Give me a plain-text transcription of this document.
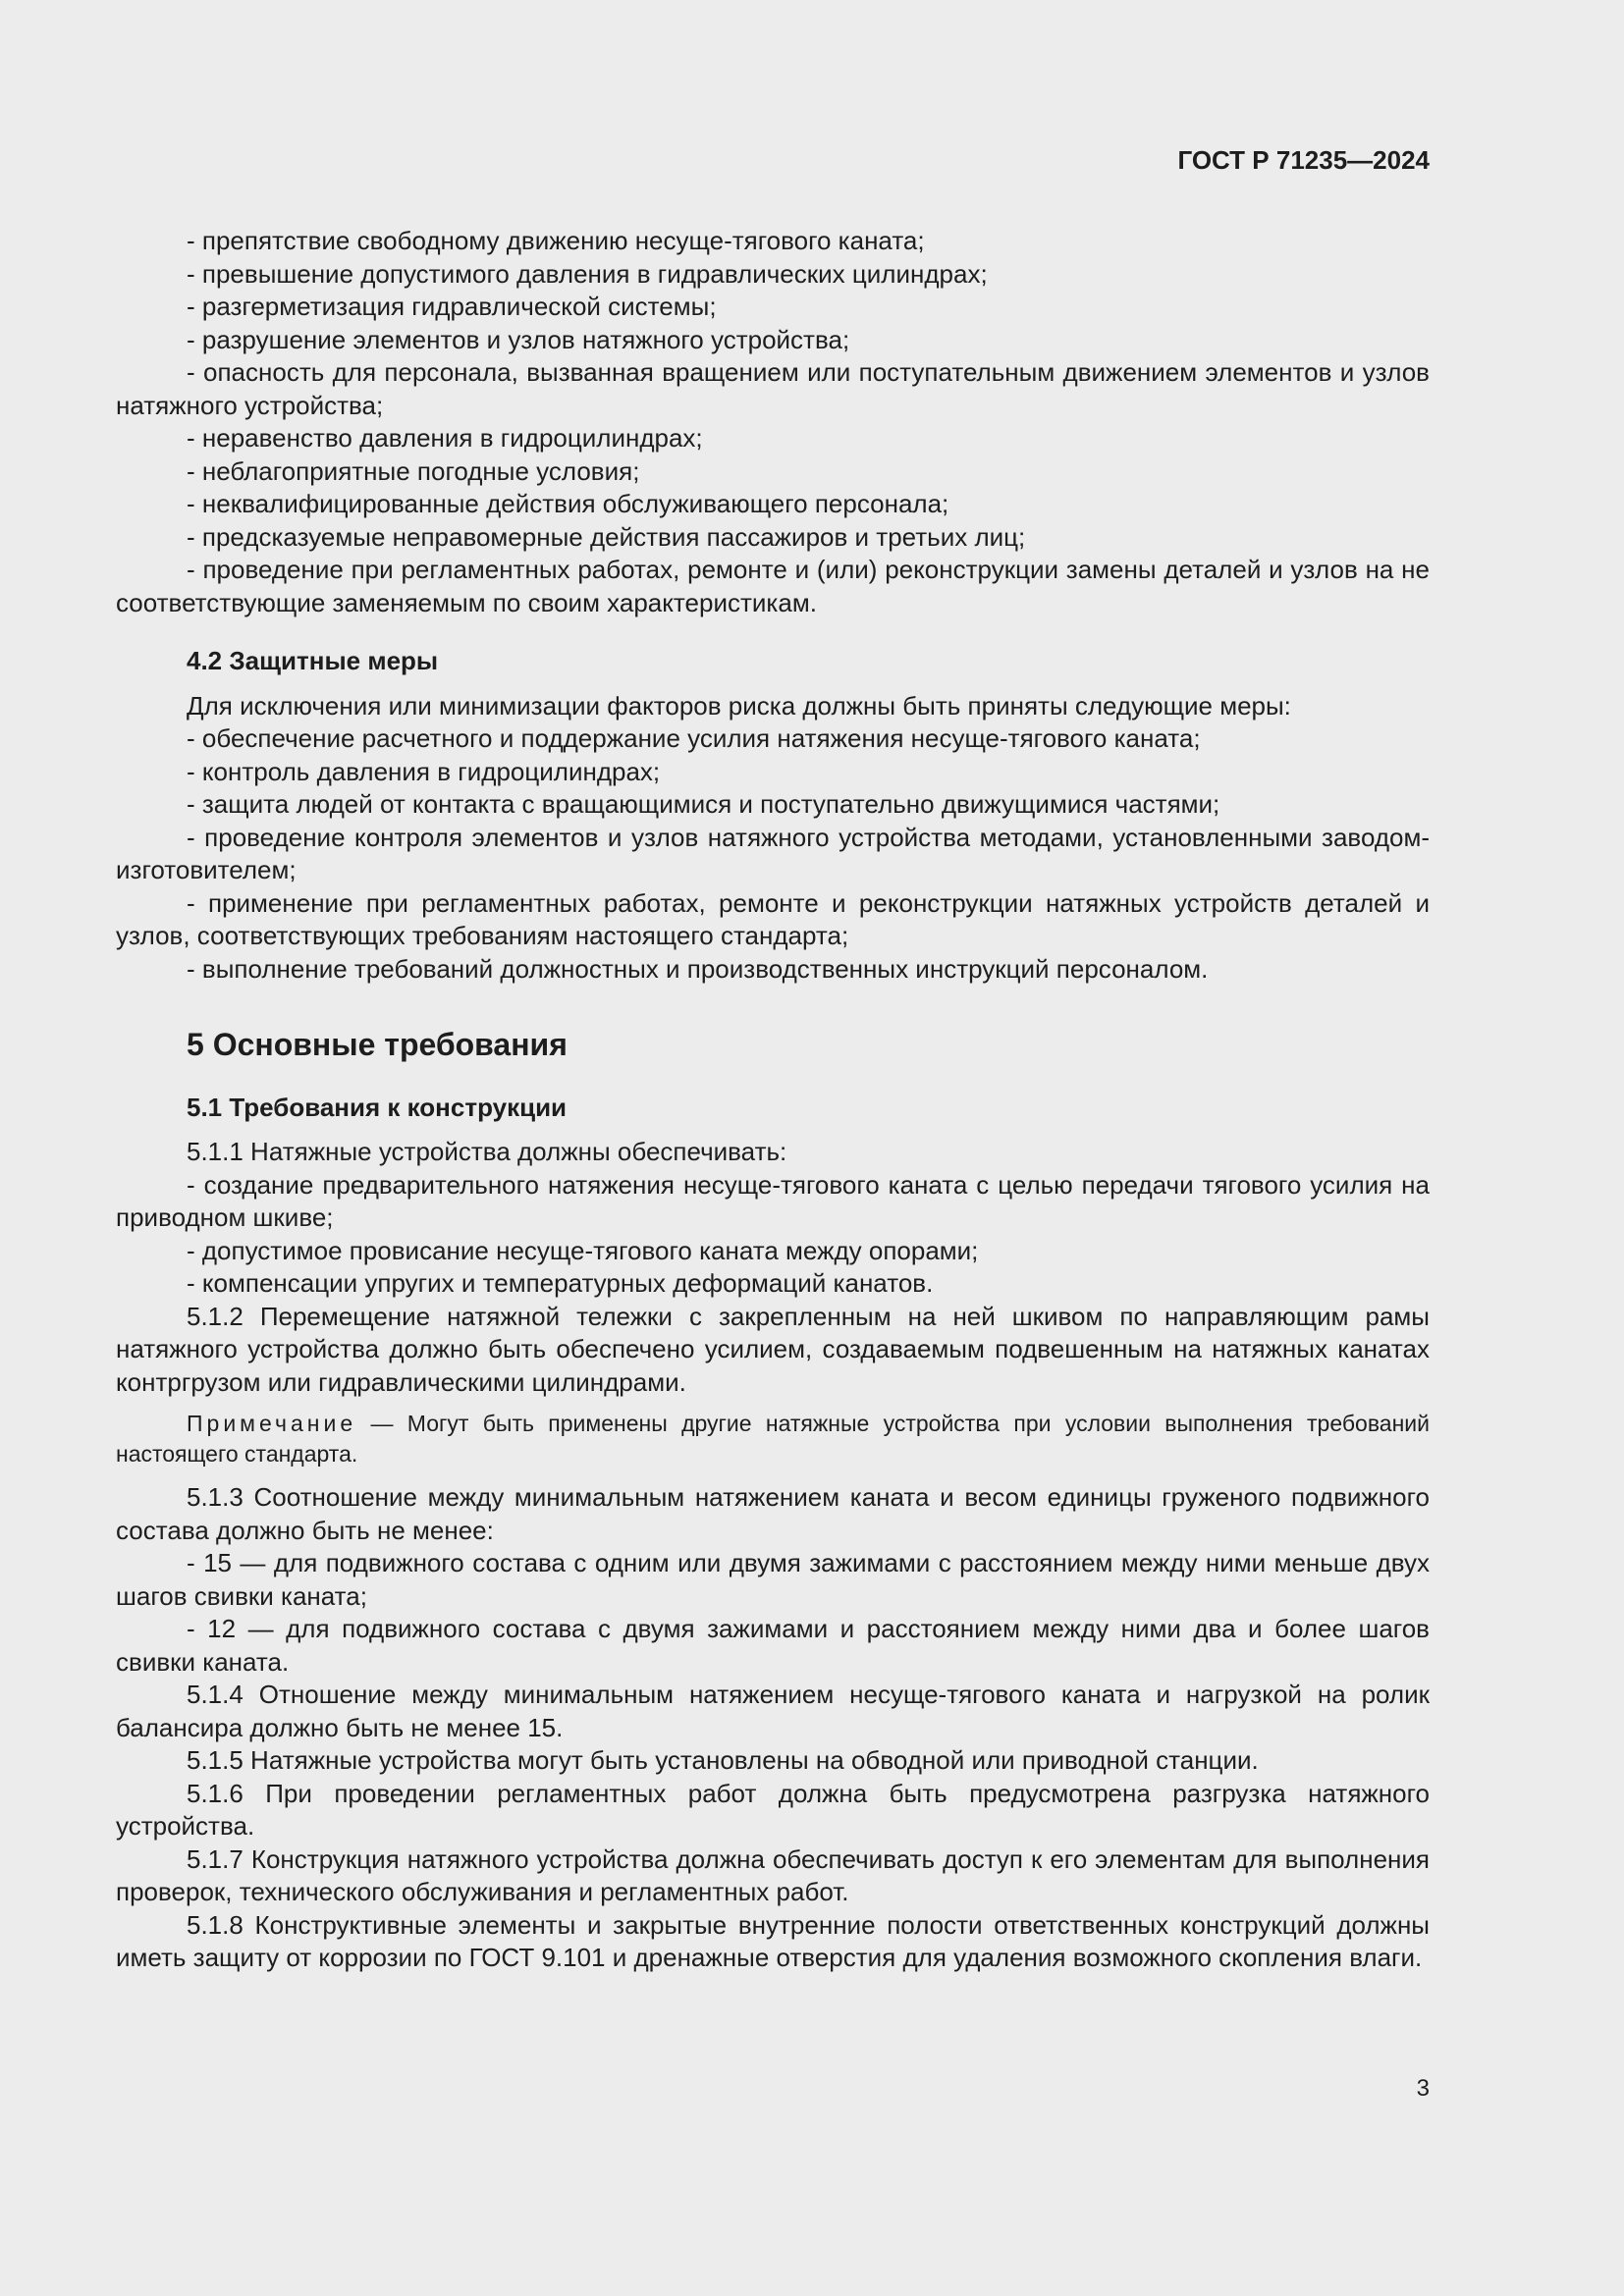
ГОСТ Р 71235—2024

- препятствие свободному движению несуще-тягового каната;

- превышение допустимого давления в гидравлических цилиндрах;

- разгерметизация гидравлической системы;

- разрушение элементов и узлов натяжного устройства;

- опасность для персонала, вызванная вращением или поступательным движением элементов и узлов натяжного устройства;

- неравенство давления в гидроцилиндрах;

- неблагоприятные погодные условия;

- неквалифицированные действия обслуживающего персонала;

- предсказуемые неправомерные действия пассажиров и третьих лиц;

- проведение при регламентных работах, ремонте и (или) реконструкции замены деталей и узлов на не соответствующие заменяемым по своим характеристикам.

4.2 Защитные меры

Для исключения или минимизации факторов риска должны быть приняты следующие меры:

- обеспечение расчетного и поддержание усилия натяжения несуще-тягового каната;

- контроль давления в гидроцилиндрах;

- защита людей от контакта с вращающимися и поступательно движущимися частями;

- проведение контроля элементов и узлов натяжного устройства методами, установленными заводом-изготовителем;

- применение при регламентных работах, ремонте и реконструкции натяжных устройств деталей и узлов, соответствующих требованиям настоящего стандарта;

- выполнение требований должностных и производственных инструкций персоналом.

5 Основные требования
5.1 Требования к конструкции

5.1.1 Натяжные устройства должны обеспечивать:

- создание предварительного натяжения несуще-тягового каната с целью передачи тягового усилия на приводном шкиве;

- допустимое провисание несуще-тягового каната между опорами;

- компенсации упругих и температурных деформаций канатов.

5.1.2 Перемещение натяжной тележки с закрепленным на ней шкивом по направляющим рамы натяжного устройства должно быть обеспечено усилием, создаваемым подвешенным на натяжных канатах контргрузом или гидравлическими цилиндрами.

Примечание — Могут быть применены другие натяжные устройства при условии выполнения требований настоящего стандарта.

5.1.3 Соотношение между минимальным натяжением каната и весом единицы груженого подвижного состава должно быть не менее:

- 15 — для подвижного состава с одним или двумя зажимами с расстоянием между ними меньше двух шагов свивки каната;

- 12 — для подвижного состава с двумя зажимами и расстоянием между ними два и более шагов свивки каната.

5.1.4 Отношение между минимальным натяжением несуще-тягового каната и нагрузкой на ролик балансира должно быть не менее 15.

5.1.5 Натяжные устройства могут быть установлены на обводной или приводной станции.

5.1.6 При проведении регламентных работ должна быть предусмотрена разгрузка натяжного устройства.

5.1.7 Конструкция натяжного устройства должна обеспечивать доступ к его элементам для выполнения проверок, технического обслуживания и регламентных работ.

5.1.8 Конструктивные элементы и закрытые внутренние полости ответственных конструкций должны иметь защиту от коррозии по ГОСТ 9.101 и дренажные отверстия для удаления возможного скопления влаги.

3
